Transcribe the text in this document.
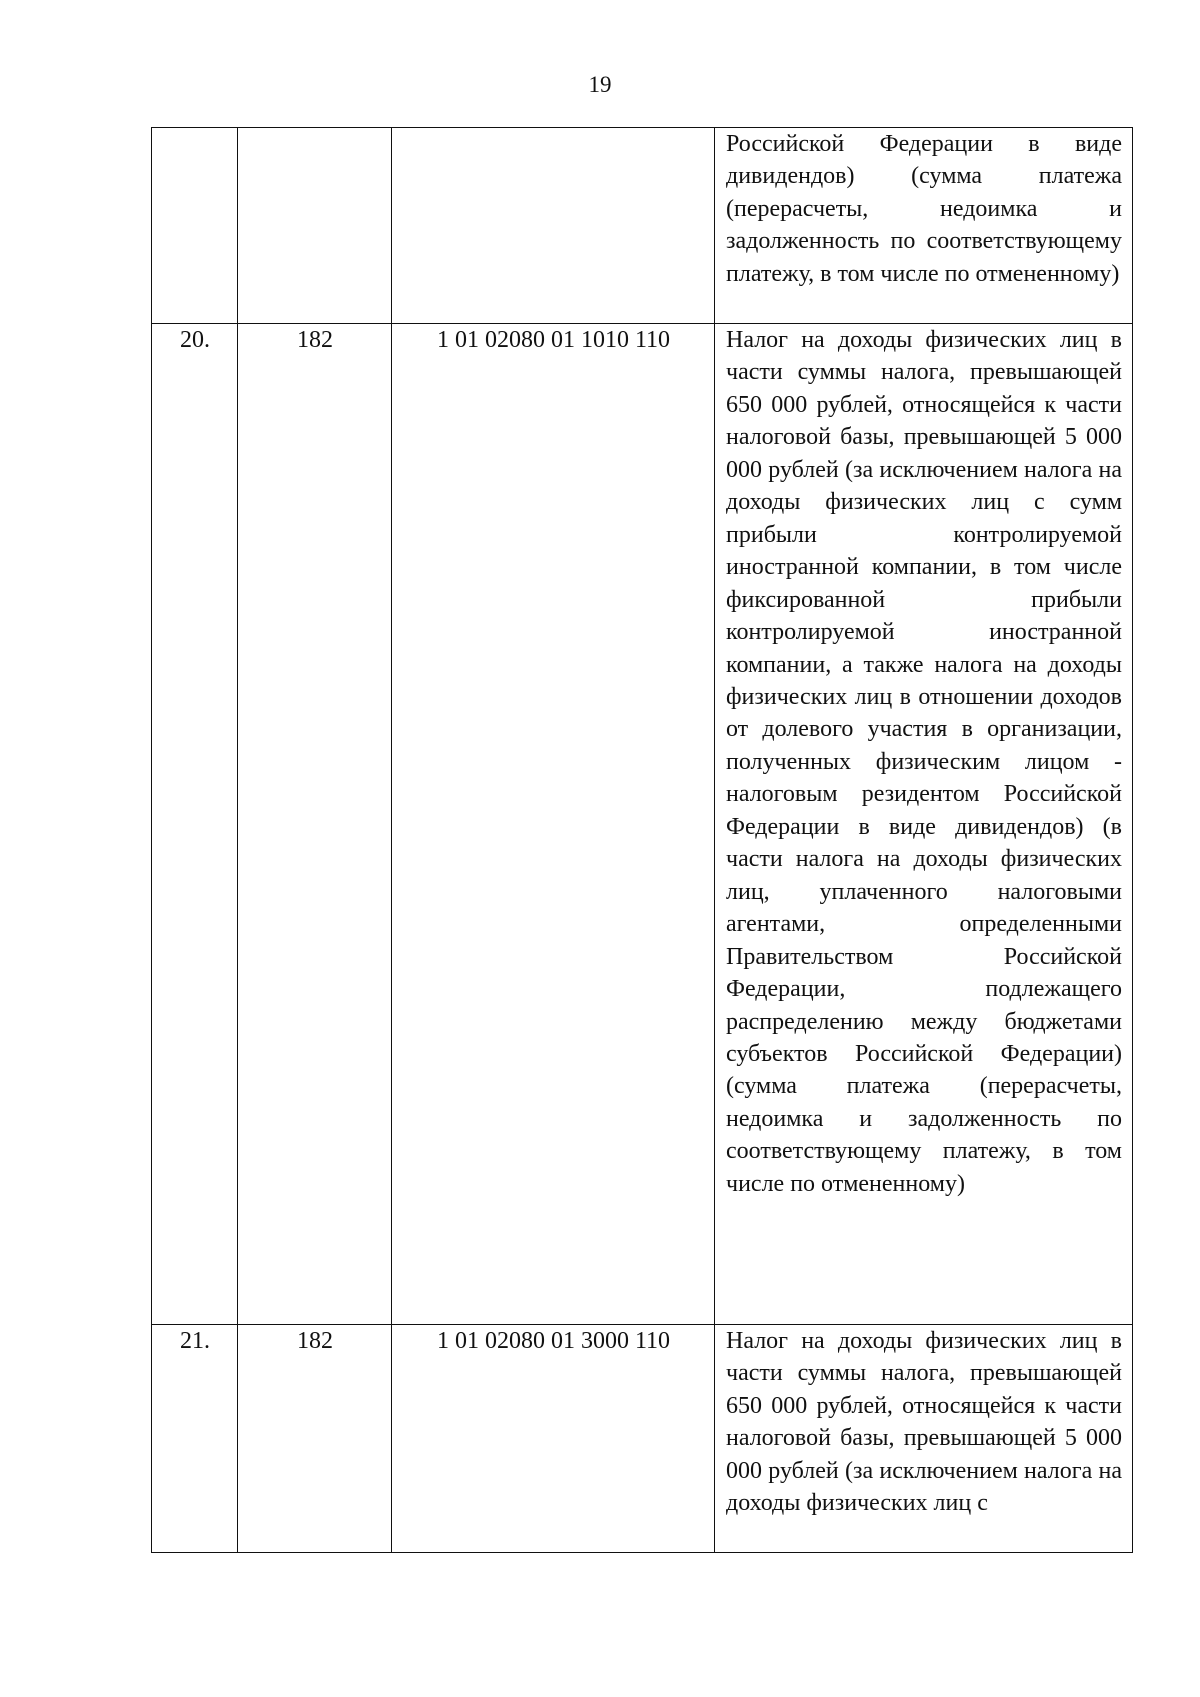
19

			Российской Федерации в виде дивидендов) (сумма платежа (перерасчеты, недоимка и задолженность по соответствующему платежу, в том числе по отмененному)

20.	182	1 01 02080 01 1010 110	Налог на доходы физических лиц в части суммы налога, превышающей 650 000 рублей, относящейся к части налоговой базы, превышающей 5 000 000 рублей (за исключением налога на доходы физических лиц с сумм прибыли контролируемой иностранной компании, в том числе фиксированной прибыли контролируемой иностранной компании, а также налога на доходы физических лиц в отношении доходов от долевого участия в организации, полученных физическим лицом - налоговым резидентом Российской Федерации в виде дивидендов) (в части налога на доходы физических лиц, уплаченного налоговыми агентами, определенными Правительством Российской Федерации, подлежащего распределению между бюджетами субъектов Российской Федерации) (сумма платежа (перерасчеты, недоимка и задолженность по соответствующему платежу, в том числе по отмененному)

21.	182	1 01 02080 01 3000 110	Налог на доходы физических лиц в части суммы налога, превышающей 650 000 рублей, относящейся к части налоговой базы, превышающей 5 000 000 рублей (за исключением налога на доходы физических лиц с
